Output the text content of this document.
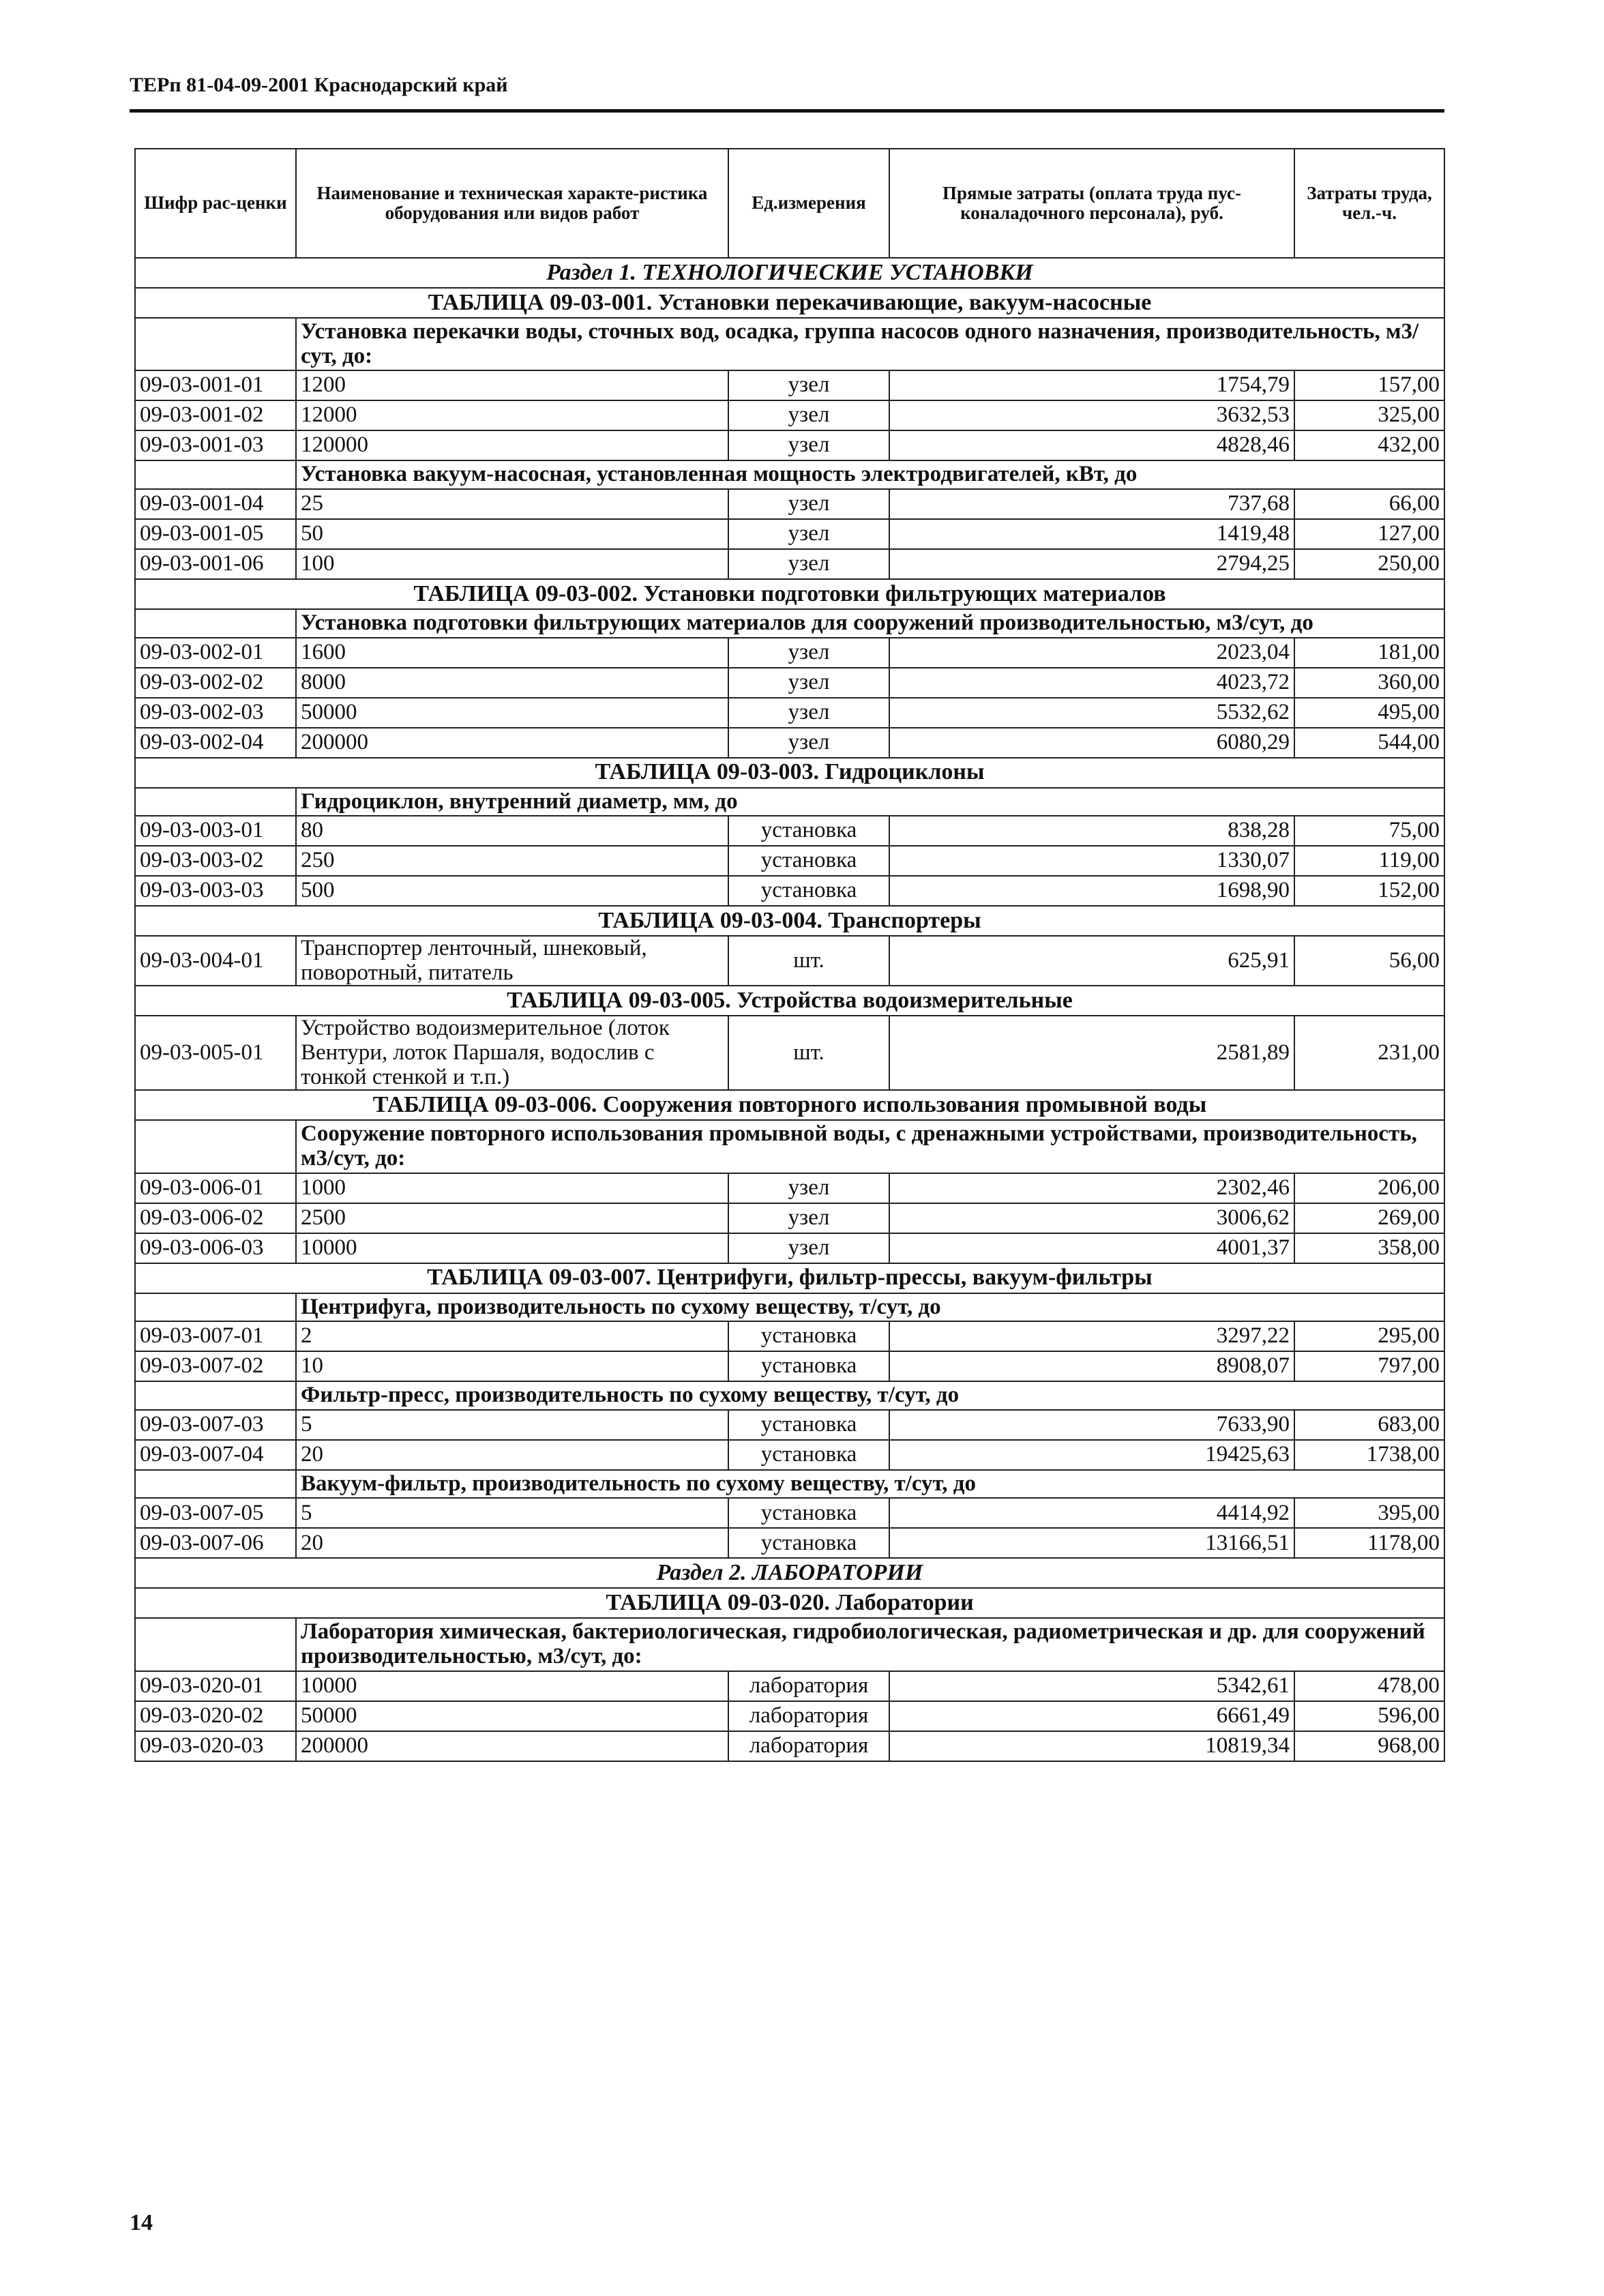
ТЕРп 81-04-09-2001 Краснодарский край
Шифр рас-ценки	Наименование и техническая характе-ристика оборудования или видов работ	Ед.измерения	Прямые затраты (оплата труда пус-коналадочного персонала), руб.	Затраты труда, чел.-ч.
Раздел 1. ТЕХНОЛОГИЧЕСКИЕ УСТАНОВКИ				
ТАБЛИЦА 09-03-001. Установки перекачивающие, вакуум-насосные				
	Установка перекачки воды, сточных вод, осадка, группа насосов одного назначения, производительность, м3/сут, до:			
09-03-001-01	1200	узел	1754,79	157,00
09-03-001-02	12000	узел	3632,53	325,00
09-03-001-03	120000	узел	4828,46	432,00
	Установка вакуум-насосная, установленная мощность электродвигателей, кВт, до			
09-03-001-04	25	узел	737,68	66,00
09-03-001-05	50	узел	1419,48	127,00
09-03-001-06	100	узел	2794,25	250,00
ТАБЛИЦА 09-03-002. Установки подготовки фильтрующих материалов				
	Установка подготовки фильтрующих материалов для сооружений производительностью, м3/сут, до			
09-03-002-01	1600	узел	2023,04	181,00
09-03-002-02	8000	узел	4023,72	360,00
09-03-002-03	50000	узел	5532,62	495,00
09-03-002-04	200000	узел	6080,29	544,00
ТАБЛИЦА 09-03-003. Гидроциклоны				
	Гидроциклон, внутренний диаметр, мм, до			
09-03-003-01	80	установка	838,28	75,00
09-03-003-02	250	установка	1330,07	119,00
09-03-003-03	500	установка	1698,90	152,00
ТАБЛИЦА 09-03-004. Транспортеры				
09-03-004-01	Транспортер ленточный, шнековый, поворотный, питатель	шт.	625,91	56,00
ТАБЛИЦА 09-03-005. Устройства водоизмерительные				
09-03-005-01	Устройство водоизмерительное (лоток Вентури, лоток Паршаля, водослив с тонкой стенкой и т.п.)	шт.	2581,89	231,00
ТАБЛИЦА 09-03-006. Сооружения повторного использования промывной воды				
	Сооружение повторного использования промывной воды, с дренажными устройствами, производительность, м3/сут, до:			
09-03-006-01	1000	узел	2302,46	206,00
09-03-006-02	2500	узел	3006,62	269,00
09-03-006-03	10000	узел	4001,37	358,00
ТАБЛИЦА 09-03-007. Центрифуги, фильтр-прессы, вакуум-фильтры				
	Центрифуга, производительность по сухому веществу, т/сут, до			
09-03-007-01	2	установка	3297,22	295,00
09-03-007-02	10	установка	8908,07	797,00
	Фильтр-пресс, производительность по сухому веществу, т/сут, до			
09-03-007-03	5	установка	7633,90	683,00
09-03-007-04	20	установка	19425,63	1738,00
	Вакуум-фильтр, производительность по сухому веществу, т/сут, до			
09-03-007-05	5	установка	4414,92	395,00
09-03-007-06	20	установка	13166,51	1178,00
Раздел 2. ЛАБОРАТОРИИ				
ТАБЛИЦА 09-03-020. Лаборатории				
	Лаборатория химическая, бактериологическая, гидробиологическая, радиометрическая и др. для сооружений производительностью, м3/сут, до:			
09-03-020-01	10000	лаборатория	5342,61	478,00
09-03-020-02	50000	лаборатория	6661,49	596,00
09-03-020-03	200000	лаборатория	10819,34	968,00
14
